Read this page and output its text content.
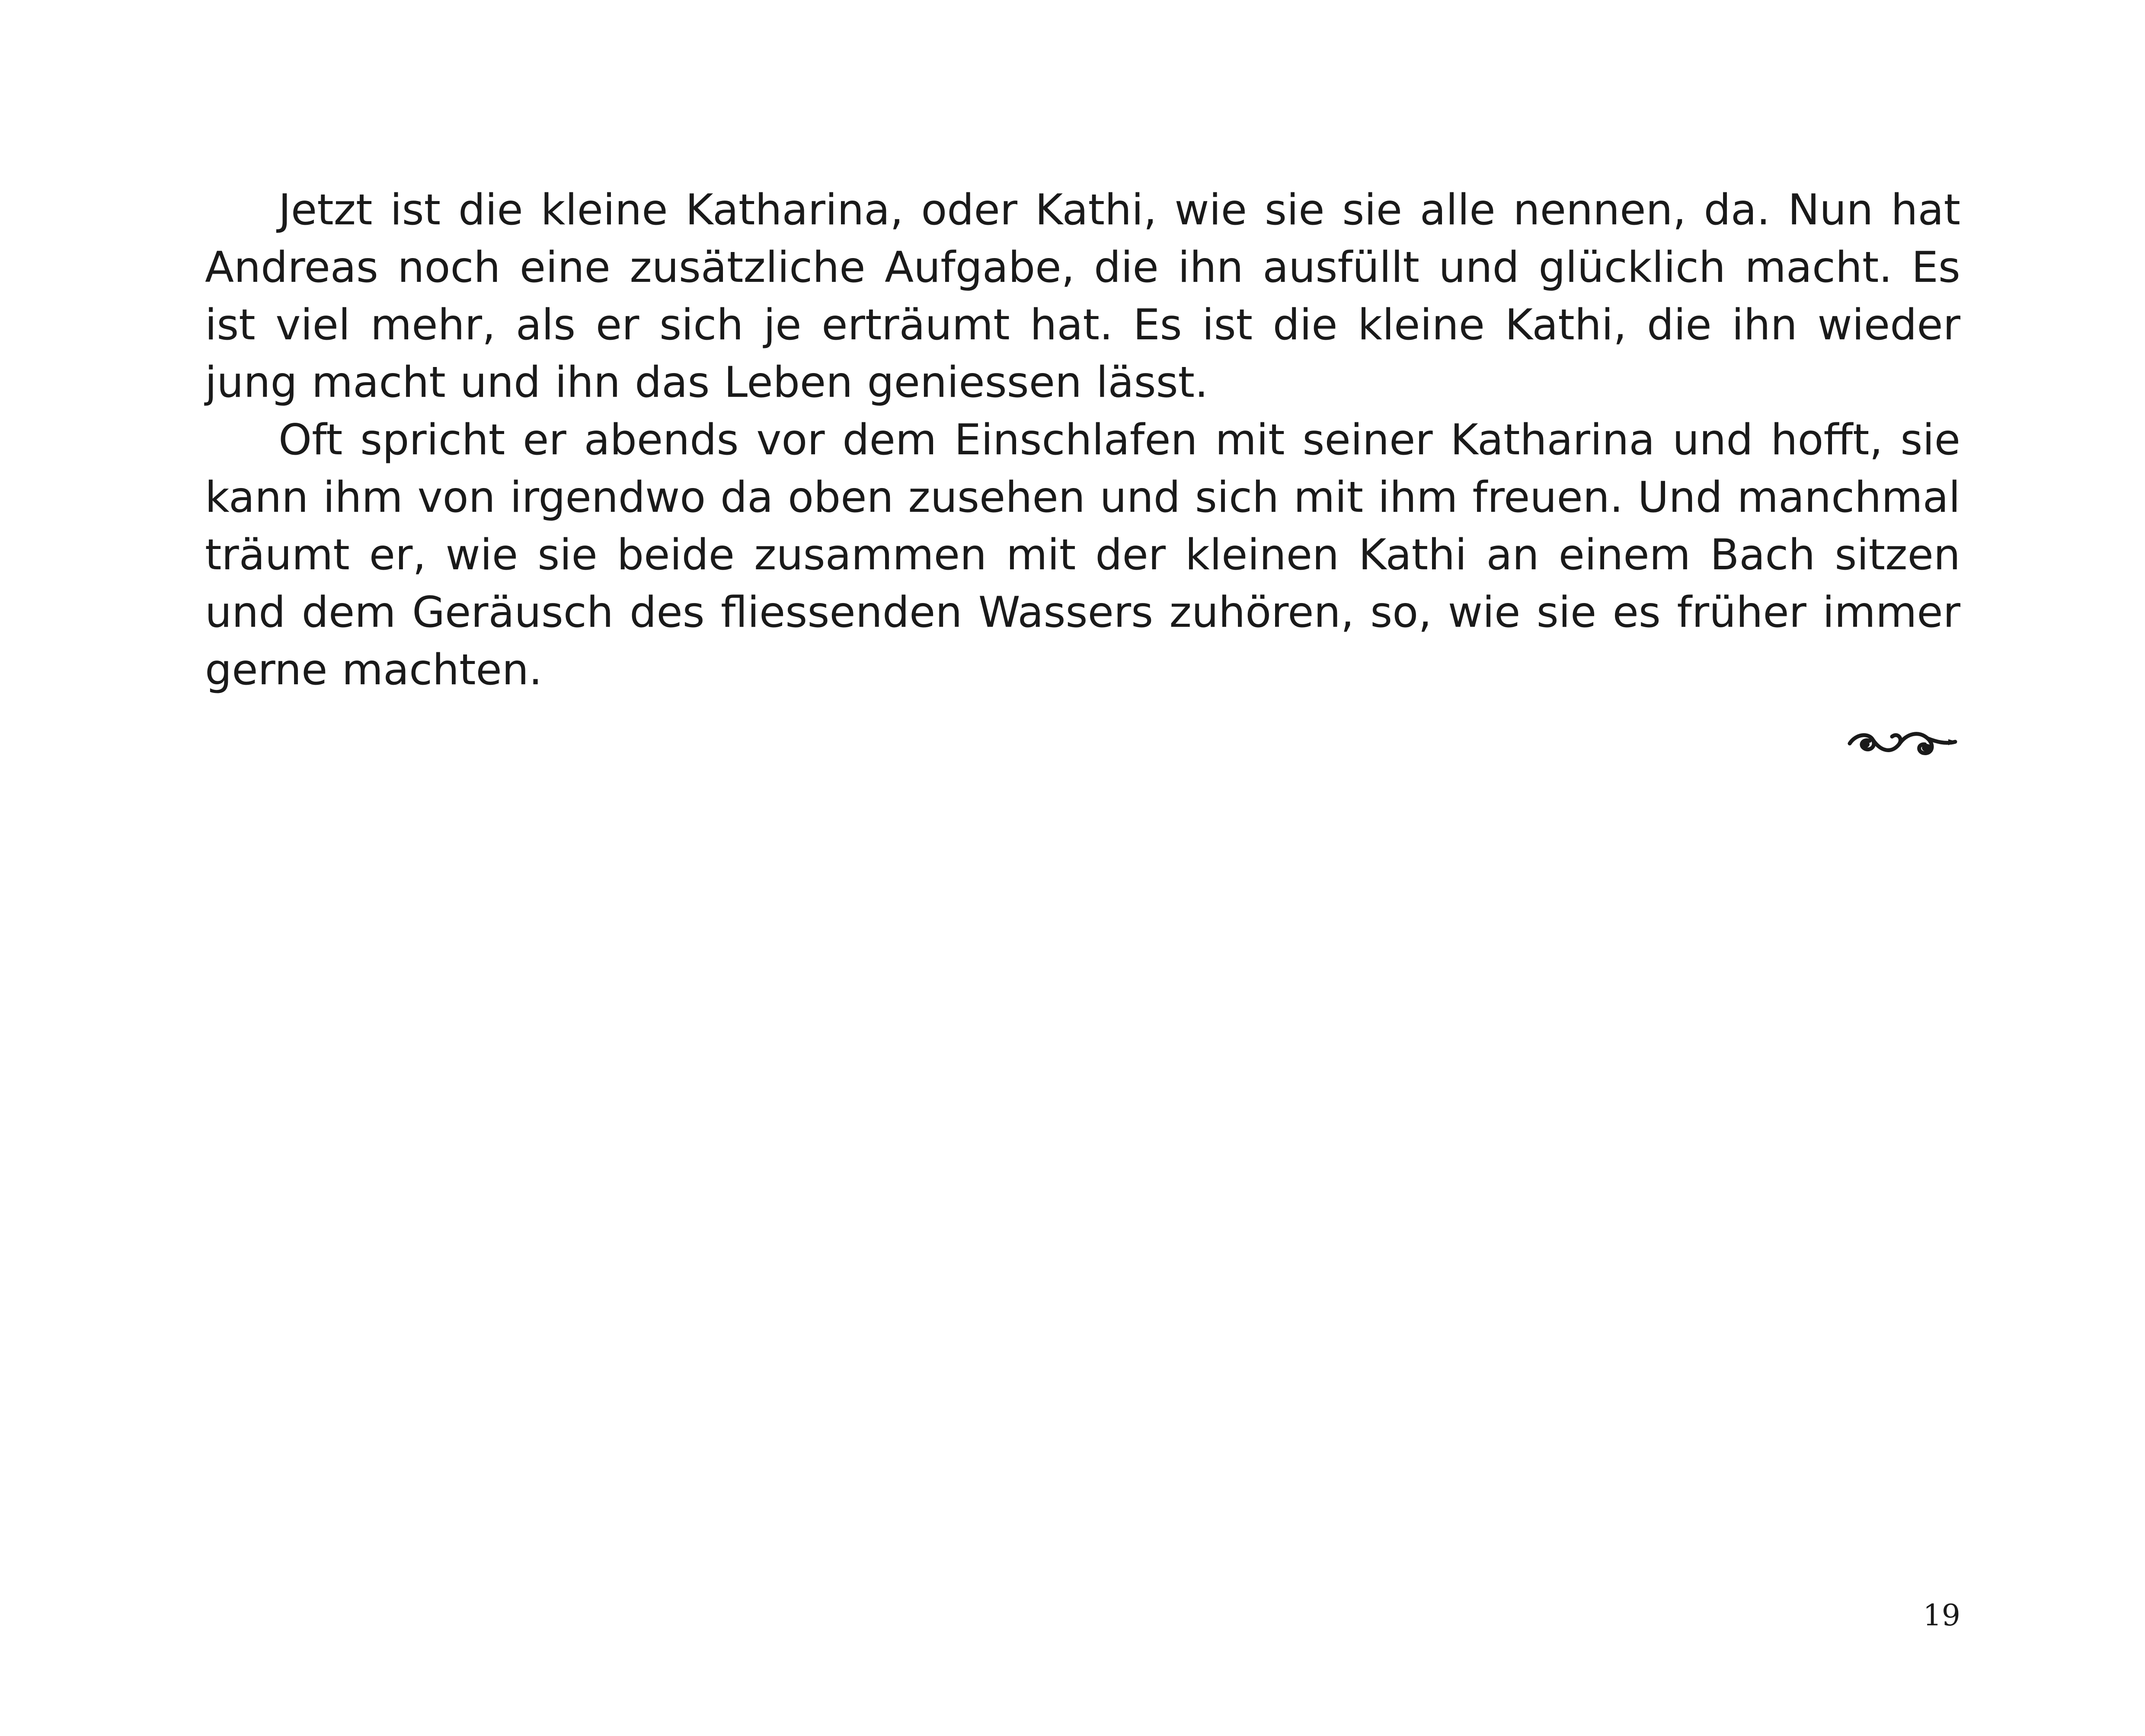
Jetzt ist die kleine Katharina, oder Kathi, wie sie sie alle nennen, da. Nun hat Andreas noch eine zusätzliche Aufgabe, die ihn ausfüllt und glücklich macht. Es ist viel mehr, als er sich je erträumt hat. Es ist die kleine Kathi, die ihn wieder jung macht und ihn das Leben geniessen lässt.

Oft spricht er abends vor dem Einschlafen mit seiner Katharina und hofft, sie kann ihm von irgendwo da oben zusehen und sich mit ihm freuen. Und manchmal träumt er, wie sie beide zusammen mit der kleinen Kathi an einem Bach sitzen und dem Geräusch des fliessenden Wassers zuhören, so, wie sie es früher immer gerne machten.

19
